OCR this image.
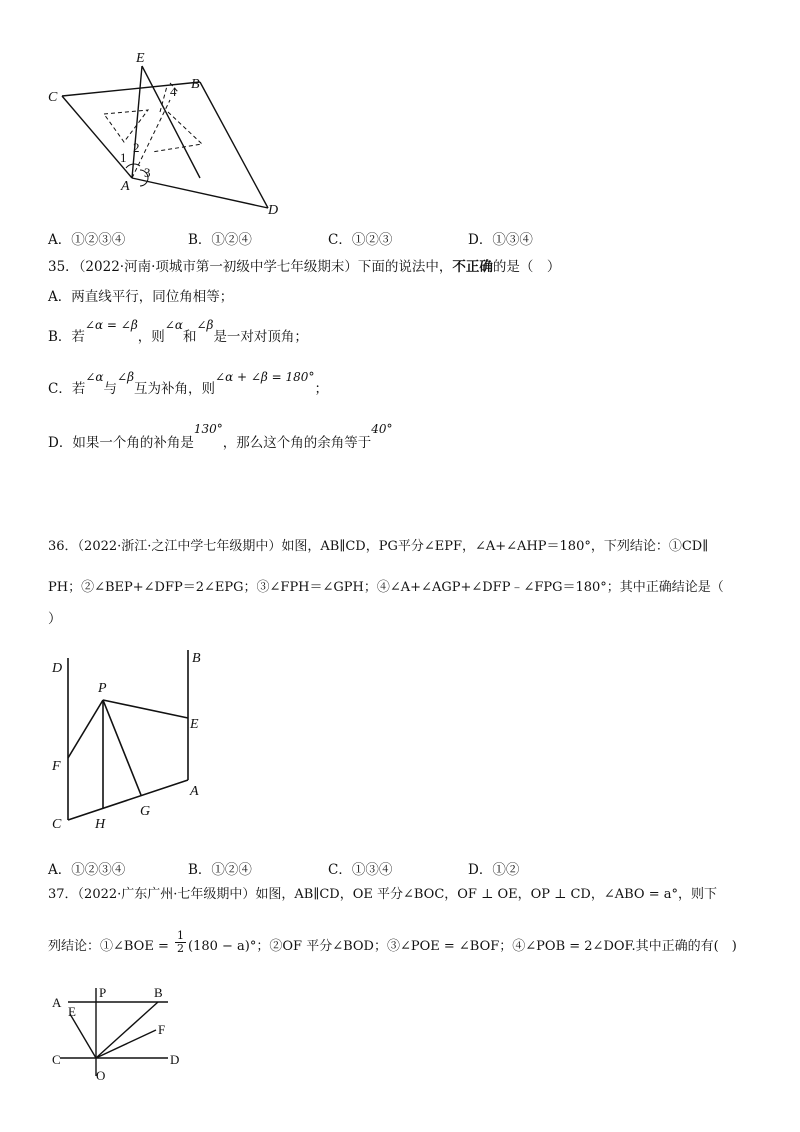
E
B
C
A
D
4
1
2
3
A．①②③④	B．①②④	C．①②③	D．①③④
35．（2022·河南·项城市第一初级中学七年级期末）下面的说法中，不正确的是（　）
A．两直线平行，同位角相等；
B．若∠α = ∠β，则∠α和∠β是一对对顶角；
C．若∠α与∠β互为补角，则∠α + ∠β = 180°；
D．如果一个角的补角是130°，那么这个角的余角等于40°
36．（2022·浙江·之江中学七年级期中）如图，AB∥CD，PG平分∠EPF，∠A+∠AHP＝180°，下列结论：①CD∥
PH；②∠BEP+∠DFP＝2∠EPG；③∠FPH＝∠GPH；④∠A+∠AGP+∠DFP﹣∠FPG＝180°；其中正确结论是（
）
D
B
P
E
F
A
G
C H
A．①②③④	B．①②④	C．①③④	D．①②
37．（2022·广东广州·七年级期中）如图，AB∥CD，OE 平分∠BOC，OF ⊥ OE，OP ⊥ CD，∠ABO = a°，则下
列结论：①∠BOE = $\frac{1}{2} (180 - a)^\circ$；②OF 平分∠BOD；③∠POE = ∠BOF；④∠POB = 2∠DOF.其中正确的有(　)
A
P	B
E
F
C
O
D
